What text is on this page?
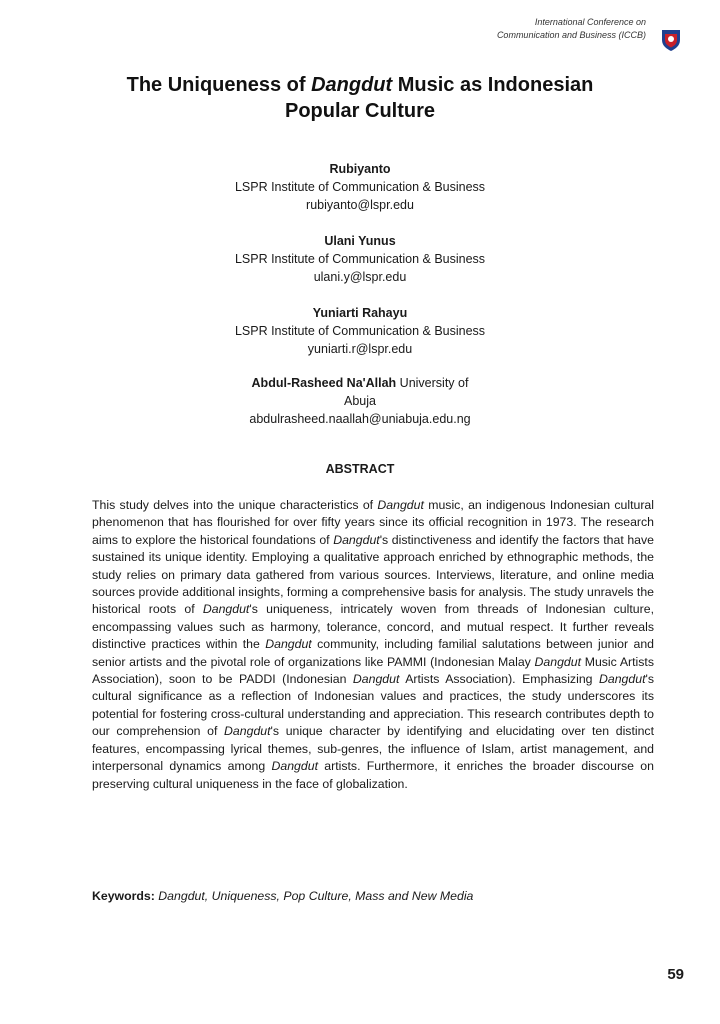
International Conference on
Communication and Business (ICCB)
The Uniqueness of Dangdut Music as Indonesian
Popular Culture
Rubiyanto
LSPR Institute of Communication & Business
rubiyanto@lspr.edu
Ulani Yunus
LSPR Institute of Communication & Business
ulani.y@lspr.edu
Yuniarti Rahayu
LSPR Institute of Communication & Business
yuniarti.r@lspr.edu
Abdul-Rasheed Na'Allah University of
Abuja
abdulrasheed.naallah@uniabuja.edu.ng
ABSTRACT

This study delves into the unique characteristics of Dangdut music, an indigenous Indonesian cultural phenomenon that has flourished for over fifty years since its official recognition in 1973. The research aims to explore the historical foundations of Dangdut's distinctiveness and identify the factors that have sustained its unique identity. Employing a qualitative approach enriched by ethnographic methods, the study relies on primary data gathered from various sources. Interviews, literature, and online media sources provide additional insights, forming a comprehensive basis for analysis. The study unravels the historical roots of Dangdut's uniqueness, intricately woven from threads of Indonesian culture, encompassing values such as harmony, tolerance, concord, and mutual respect. It further reveals distinctive practices within the Dangdut community, including familial salutations between junior and senior artists and the pivotal role of organizations like PAMMI (Indonesian Malay Dangdut Music Artists Association), soon to be PADDI (Indonesian Dangdut Artists Association). Emphasizing Dangdut's cultural significance as a reflection of Indonesian values and practices, the study underscores its potential for fostering cross-cultural understanding and appreciation. This research contributes depth to our comprehension of Dangdut's unique character by identifying and elucidating over ten distinct features, encompassing lyrical themes, sub-genres, the influence of Islam, artist management, and interpersonal dynamics among Dangdut artists. Furthermore, it enriches the broader discourse on preserving cultural uniqueness in the face of globalization.

Keywords: Dangdut, Uniqueness, Pop Culture, Mass and New Media
59
